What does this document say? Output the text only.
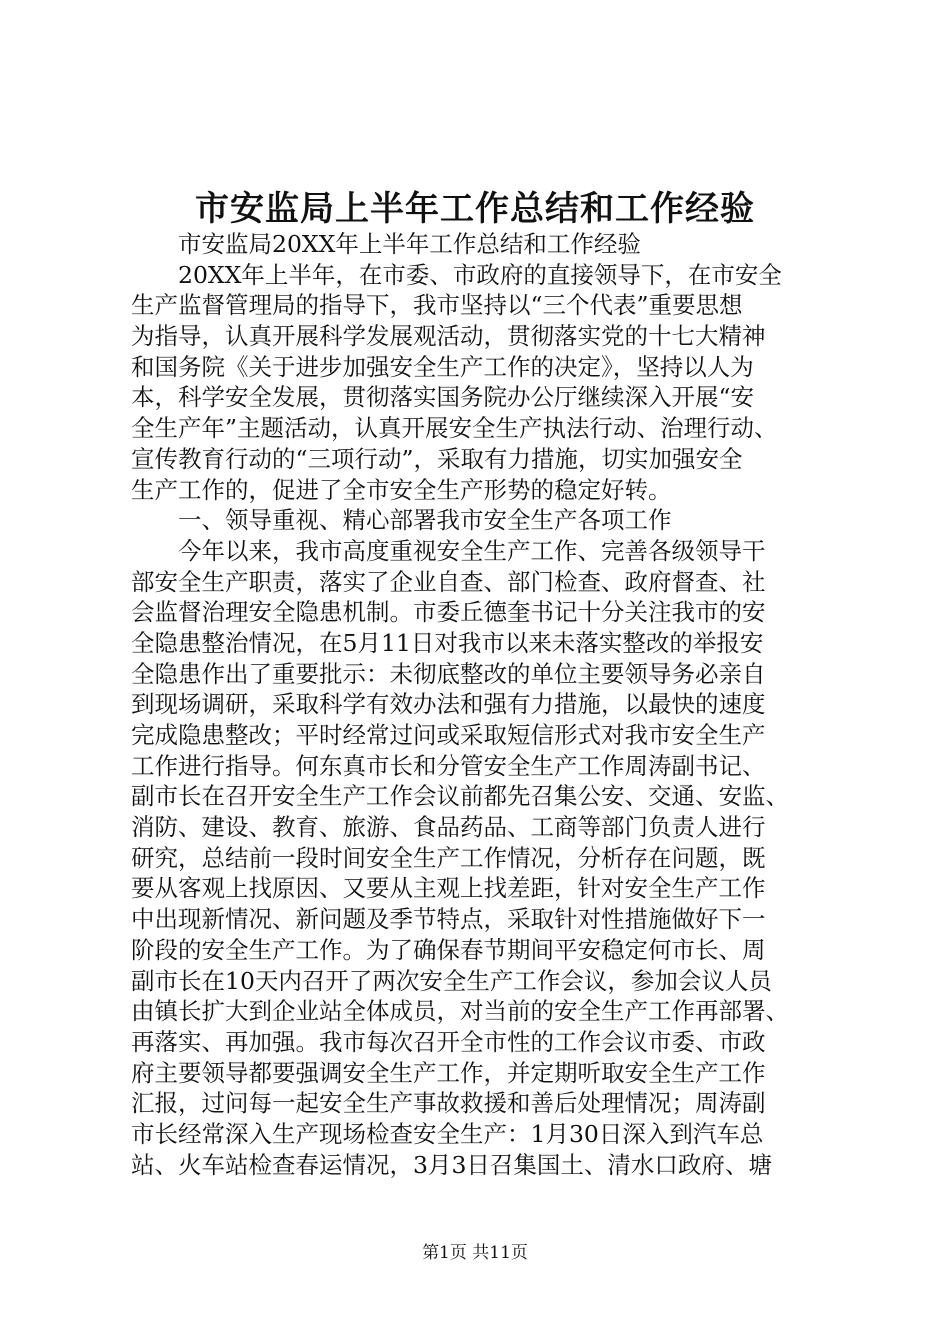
市安监局上半年工作总结和工作经验
市安监局20XX年上半年工作总结和工作经验
20XX年上半年，在市委、市政府的直接领导下，在市安全
生产监督管理局的指导下，我市坚持以“三个代表”重要思想
为指导，认真开展科学发展观活动，贯彻落实党的十七大精神
和国务院《关于进步加强安全生产工作的决定》，坚持以人为
本，科学安全发展，贯彻落实国务院办公厅继续深入开展“安
全生产年”主题活动，认真开展安全生产执法行动、治理行动、
宣传教育行动的“三项行动”，采取有力措施，切实加强安全
生产工作的，促进了全市安全生产形势的稳定好转。
一、领导重视、精心部署我市安全生产各项工作
今年以来，我市高度重视安全生产工作、完善各级领导干
部安全生产职责，落实了企业自查、部门检查、政府督查、社
会监督治理安全隐患机制。市委丘德奎书记十分关注我市的安
全隐患整治情况，在5月11日对我市以来未落实整改的举报安
全隐患作出了重要批示：未彻底整改的单位主要领导务必亲自
到现场调研，采取科学有效办法和强有力措施，以最快的速度
完成隐患整改；平时经常过问或采取短信形式对我市安全生产
工作进行指导。何东真市长和分管安全生产工作周涛副书记、
副市长在召开安全生产工作会议前都先召集公安、交通、安监、
消防、建设、教育、旅游、食品药品、工商等部门负责人进行
研究，总结前一段时间安全生产工作情况，分析存在问题，既
要从客观上找原因、又要从主观上找差距，针对安全生产工作
中出现新情况、新问题及季节特点，采取针对性措施做好下一
阶段的安全生产工作。为了确保春节期间平安稳定何市长、周
副市长在10天内召开了两次安全生产工作会议，参加会议人员
由镇长扩大到企业站全体成员，对当前的安全生产工作再部署、
再落实、再加强。我市每次召开全市性的工作会议市委、市政
府主要领导都要强调安全生产工作，并定期听取安全生产工作
汇报，过问每一起安全生产事故救援和善后处理情况；周涛副
市长经常深入生产现场检查安全生产：1月30日深入到汽车总
站、火车站检查春运情况，3月3日召集国土、清水口政府、塘
第1页 共11页
